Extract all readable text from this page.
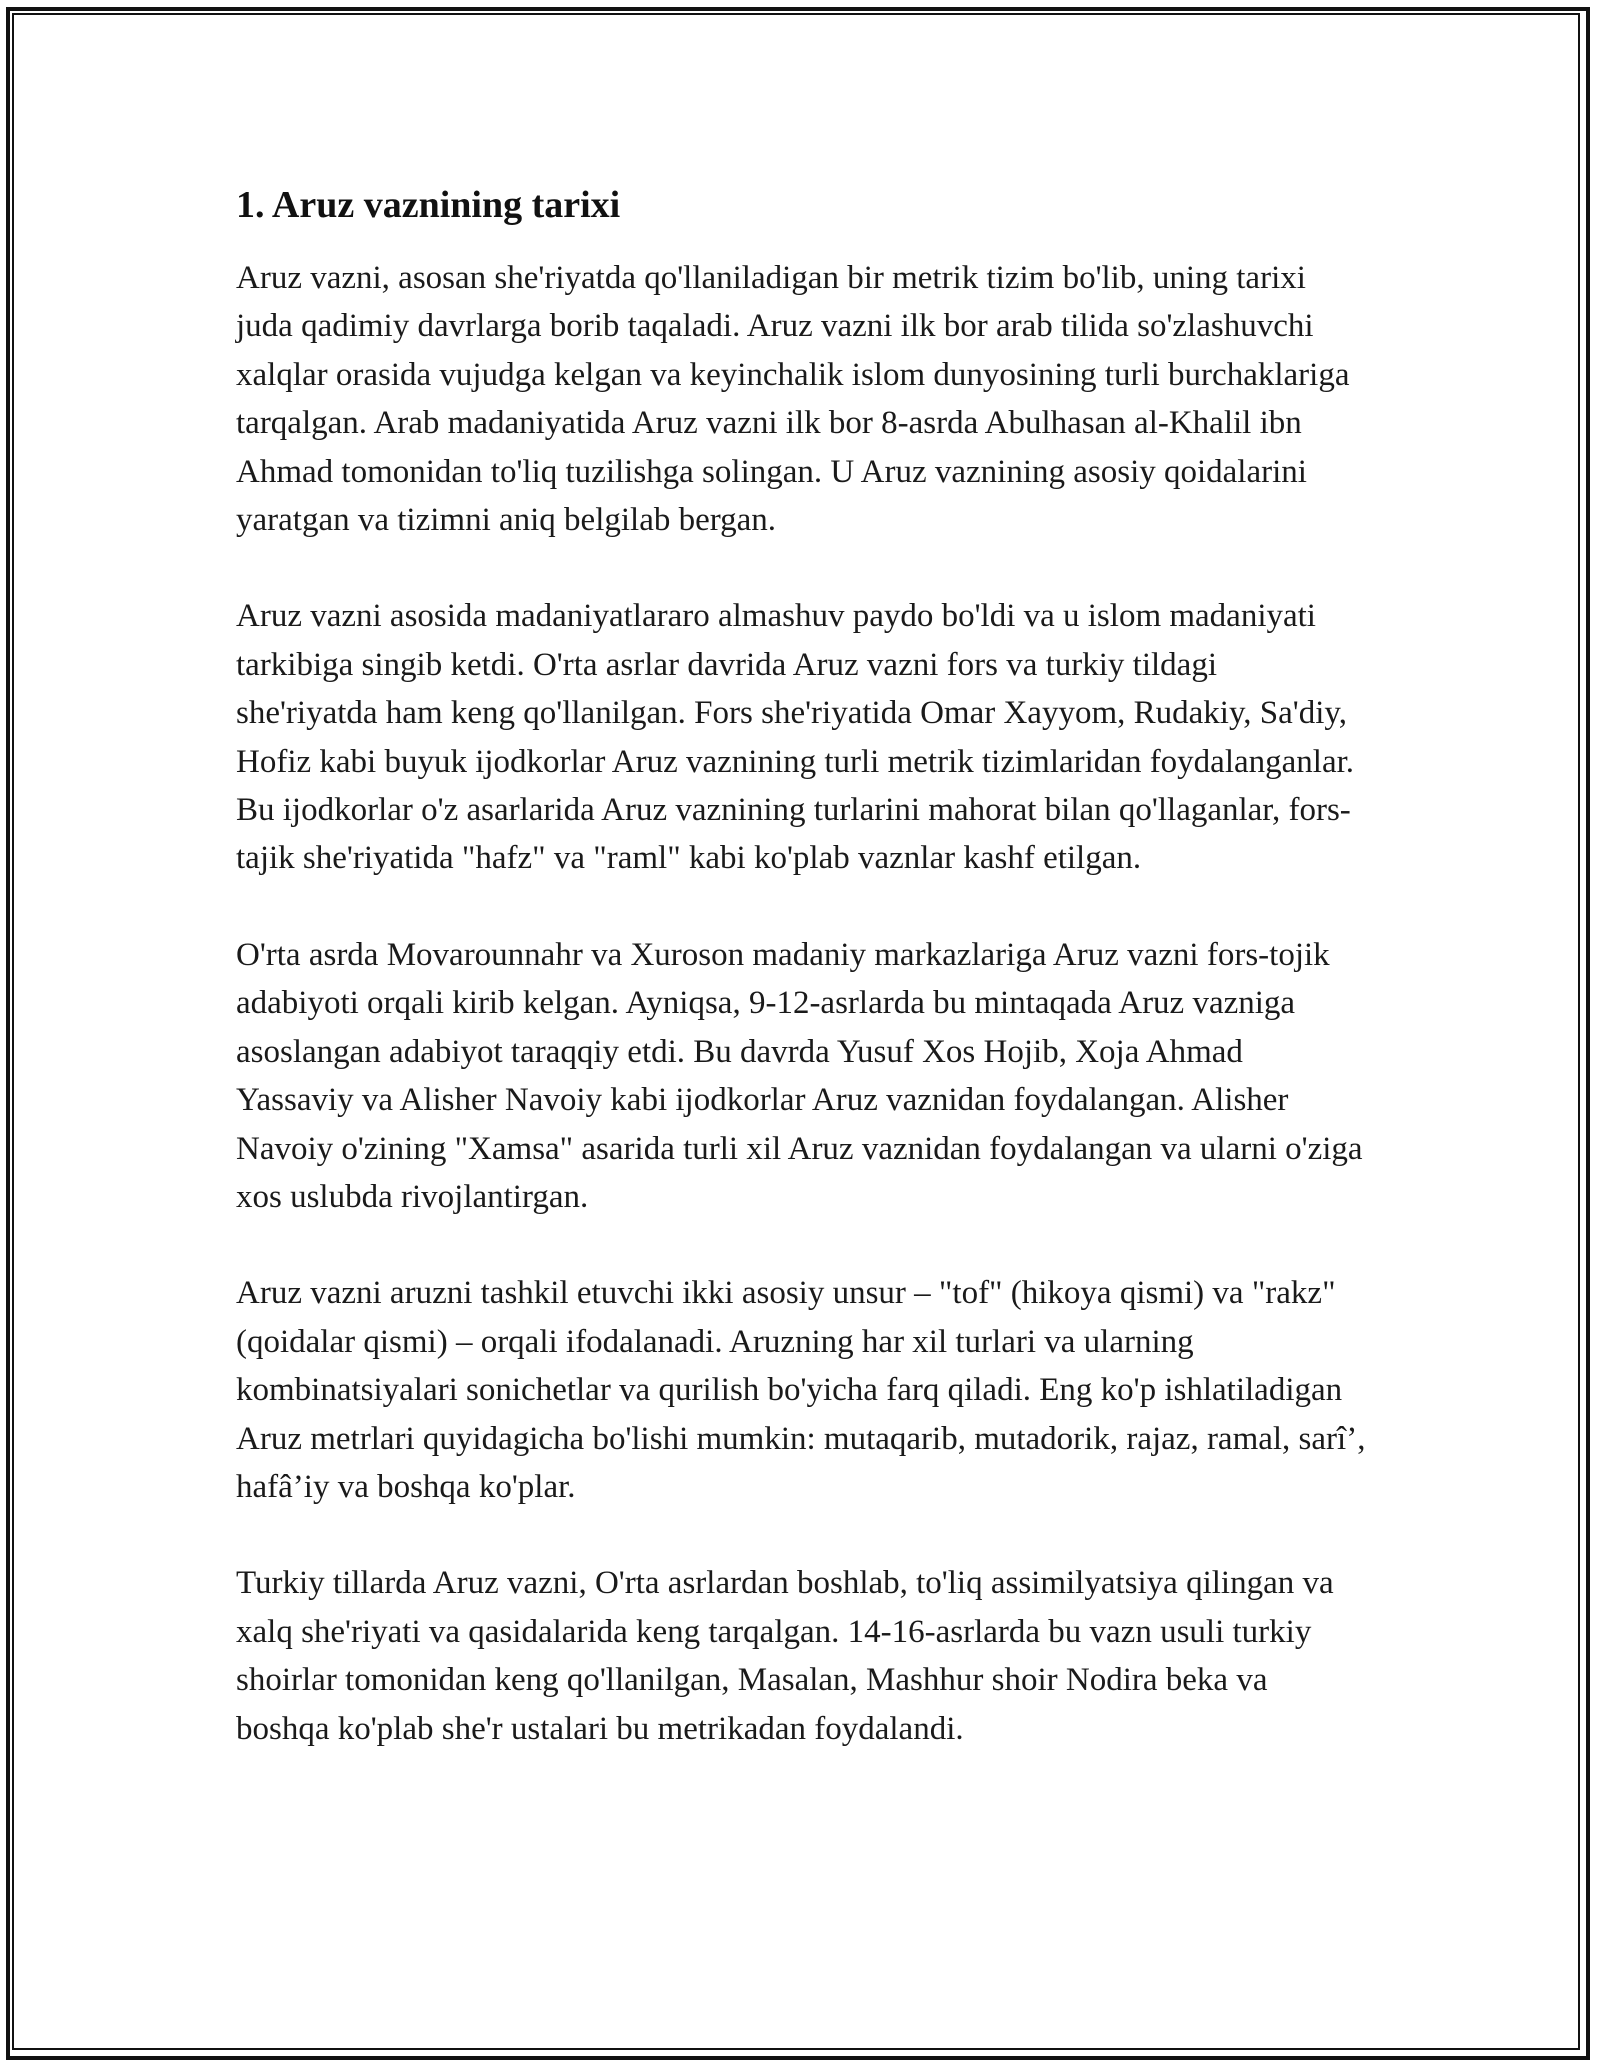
1. Aruz vaznining tarixi

Aruz vazni, asosan she'riyatda qo'llaniladigan bir metrik tizim bo'lib, uning tarixi juda qadimiy davrlarga borib taqaladi. Aruz vazni ilk bor arab tilida so'zlashuvchi xalqlar orasida vujudga kelgan va keyinchalik islom dunyosining turli burchaklariga tarqalgan. Arab madaniyatida Aruz vazni ilk bor 8-asrda Abulhasan al-Khalil ibn Ahmad tomonidan to'liq tuzilishga solingan. U Aruz vaznining asosiy qoidalarini yaratgan va tizimni aniq belgilab bergan.

Aruz vazni asosida madaniyatlararo almashuv paydo bo'ldi va u islom madaniyati tarkibiga singib ketdi. O'rta asrlar davrida Aruz vazni fors va turkiy tildagi she'riyatda ham keng qo'llanilgan. Fors she'riyatida Omar Xayyom, Rudakiy, Sa'diy, Hofiz kabi buyuk ijodkorlar Aruz vaznining turli metrik tizimlaridan foydalanganlar. Bu ijodkorlar o'z asarlarida Aruz vaznining turlarini mahorat bilan qo'llaganlar, fors-tajik she'riyatida "hafz" va "raml" kabi ko'plab vaznlar kashf etilgan.

O'rta asrda Movarounnahr va Xuroson madaniy markazlariga Aruz vazni fors-tojik adabiyoti orqali kirib kelgan. Ayniqsa, 9-12-asrlarda bu mintaqada Aruz vazniga asoslangan adabiyot taraqqiy etdi. Bu davrda Yusuf Xos Hojib, Xoja Ahmad Yassaviy va Alisher Navoiy kabi ijodkorlar Aruz vaznidan foydalangan. Alisher Navoiy o'zining "Xamsa" asarida turli xil Aruz vaznidan foydalangan va ularni o'ziga xos uslubda rivojlantirgan.

Aruz vazni aruzni tashkil etuvchi ikki asosiy unsur – "tof" (hikoya qismi) va "rakz" (qoidalar qismi) – orqali ifodalanadi. Aruzning har xil turlari va ularning kombinatsiyalari sonichetlar va qurilish bo'yicha farq qiladi. Eng ko'p ishlatiladigan Aruz metrlari quyidagicha bo'lishi mumkin: mutaqarib, mutadorik, rajaz, ramal, sarî’, hafâ’iy va boshqa ko'plar.

Turkiy tillarda Aruz vazni, O'rta asrlardan boshlab, to'liq assimilyatsiya qilingan va xalq she'riyati va qasidalarida keng tarqalgan. 14-16-asrlarda bu vazn usuli turkiy shoirlar tomonidan keng qo'llanilgan, Masalan, Mashhur shoir Nodira beka va boshqa ko'plab she'r ustalari bu metrikadan foydalandi.
